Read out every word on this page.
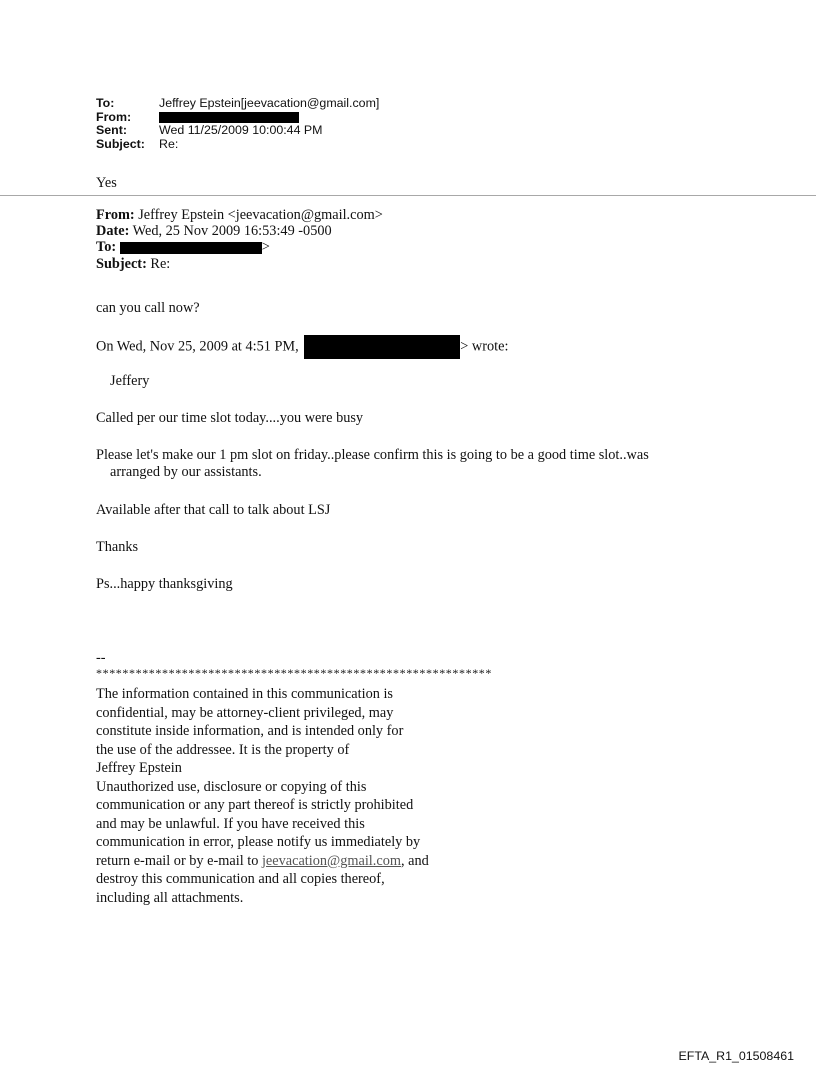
To:	Jeffrey Epstein[jeevacation@gmail.com]
From:
Sent:	Wed 11/25/2009 10:00:44 PM
Subject:	Re:
Yes
From: Jeffrey Epstein <jeevacation@gmail.com>
Date: Wed, 25 Nov 2009 16:53:49 -0500
To:	>
Subject: Re:
can you call now?
On Wed, Nov 25, 2009 at 4:51 PM,	> wrote:
Jeffery
Called per our time slot today....you were busy
Please let's make our 1 pm slot on friday..please confirm this is going to be a good time slot..was
arranged by our assistants.
Available after that call to talk about LSJ
Thanks
Ps...happy thanksgiving
--
************************************************************
The information contained in this communication is
confidential, may be attorney-client privileged, may
constitute inside information, and is intended only for
the use of the addressee. It is the property of
Jeffrey Epstein
Unauthorized use, disclosure or copying of this
communication or any part thereof is strictly prohibited
and may be unlawful. If you have received this
communication in error, please notify us immediately by
return e-mail or by e-mail to jeevacation@gmail.com, and
destroy this communication and all copies thereof,
including all attachments.
EFTA_R1_01508461
